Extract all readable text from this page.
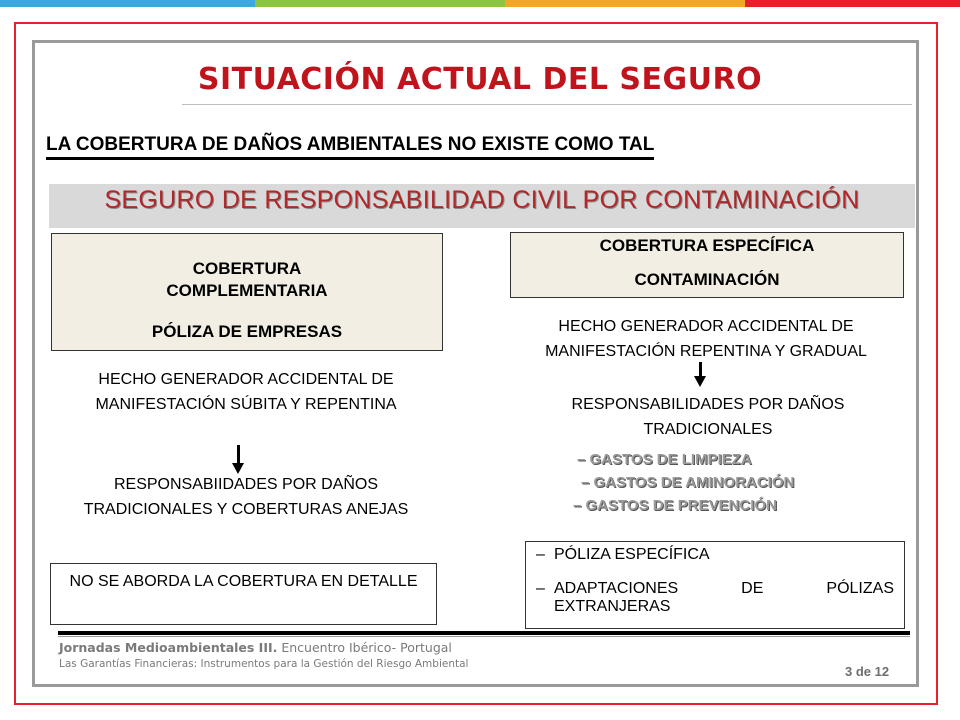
SITUACIÓN ACTUAL DEL SEGURO
LA COBERTURA DE DAÑOS AMBIENTALES NO EXISTE COMO TAL
SEGURO DE RESPONSABILIDAD CIVIL POR CONTAMINACIÓN
COBERTURA COMPLEMENTARIA
PÓLIZA DE EMPRESAS
HECHO GENERADOR ACCIDENTAL DE MANIFESTACIÓN SÚBITA Y REPENTINA
RESPONSABIIDADES POR DAÑOS TRADICIONALES Y COBERTURAS ANEJAS
NO SE ABORDA LA COBERTURA EN DETALLE
COBERTURA ESPECÍFICA
CONTAMINACIÓN
HECHO GENERADOR ACCIDENTAL DE MANIFESTACIÓN REPENTINA Y GRADUAL
RESPONSABILIDADES POR DAÑOS TRADICIONALES
– GASTOS DE LIMPIEZA
– GASTOS DE AMINORACIÓN
– GASTOS DE PREVENCIÓN
– PÓLIZA ESPECÍFICA
– ADAPTACIONES DE PÓLIZAS EXTRANJERAS
Jornadas Medioambientales III. Encuentro Ibérico- Portugal
Las Garantías Financieras: Instrumentos para la Gestión del Riesgo Ambiental	3 de 12
